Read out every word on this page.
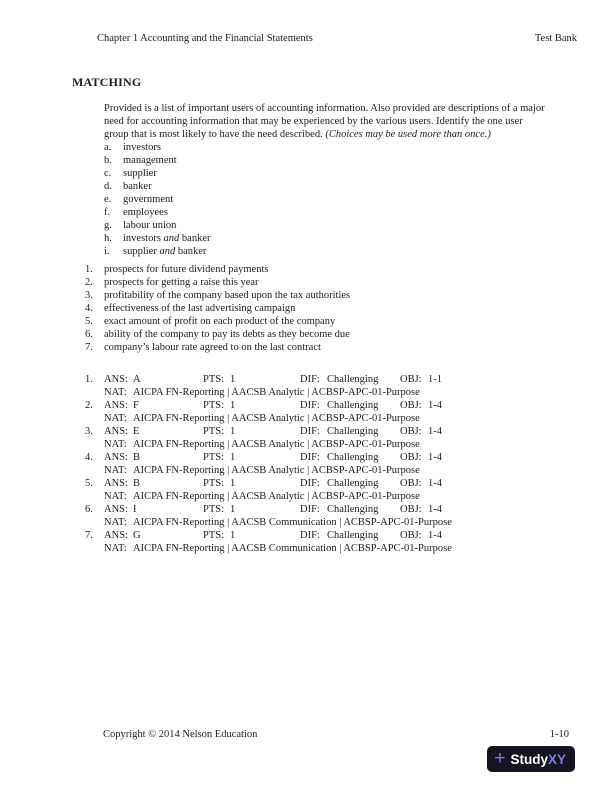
Chapter 1 Accounting and the Financial Statements	Test Bank
MATCHING

Provided is a list of important users of accounting information. Also provided are descriptions of a major need for accounting information that may be experienced by the various users. Identify the one user group that is most likely to have the need described. (Choices may be used more than once.)

a.	investors
b.	management
c.	supplier
d.	banker
e.	government
f.	employees
g.	labour union
h.	investors and banker
i.	supplier and banker
1.	prospects for future dividend payments
2.	prospects for getting a raise this year
3.	profitability of the company based upon the tax authorities
4.	effectiveness of the last advertising campaign
5.	exact amount of profit on each product of the company
6.	ability of the company to pay its debts as they become due
7.	company’s labour rate agreed to on the last contract
1.	ANS: A	PTS: 1	DIF: Challenging	OBJ: 1-1
NAT: AICPA FN-Reporting | AACSB Analytic | ACBSP-APC-01-Purpose
2.	ANS: F	PTS: 1	DIF: Challenging	OBJ: 1-4
NAT: AICPA FN-Reporting | AACSB Analytic | ACBSP-APC-01-Purpose
3.	ANS: E	PTS: 1	DIF: Challenging	OBJ: 1-4
NAT: AICPA FN-Reporting | AACSB Analytic | ACBSP-APC-01-Purpose
4.	ANS: B	PTS: 1	DIF: Challenging	OBJ: 1-4
NAT: AICPA FN-Reporting | AACSB Analytic | ACBSP-APC-01-Purpose
5.	ANS: B	PTS: 1	DIF: Challenging	OBJ: 1-4
NAT: AICPA FN-Reporting | AACSB Analytic | ACBSP-APC-01-Purpose
6.	ANS: I	PTS: 1	DIF: Challenging	OBJ: 1-4
NAT: AICPA FN-Reporting | AACSB Communication | ACBSP-APC-01-Purpose
7.	ANS: G	PTS: 1	DIF: Challenging	OBJ: 1-4
NAT: AICPA FN-Reporting | AACSB Communication | ACBSP-APC-01-Purpose
Copyright © 2014 Nelson Education	1-10
+ StudyXY
